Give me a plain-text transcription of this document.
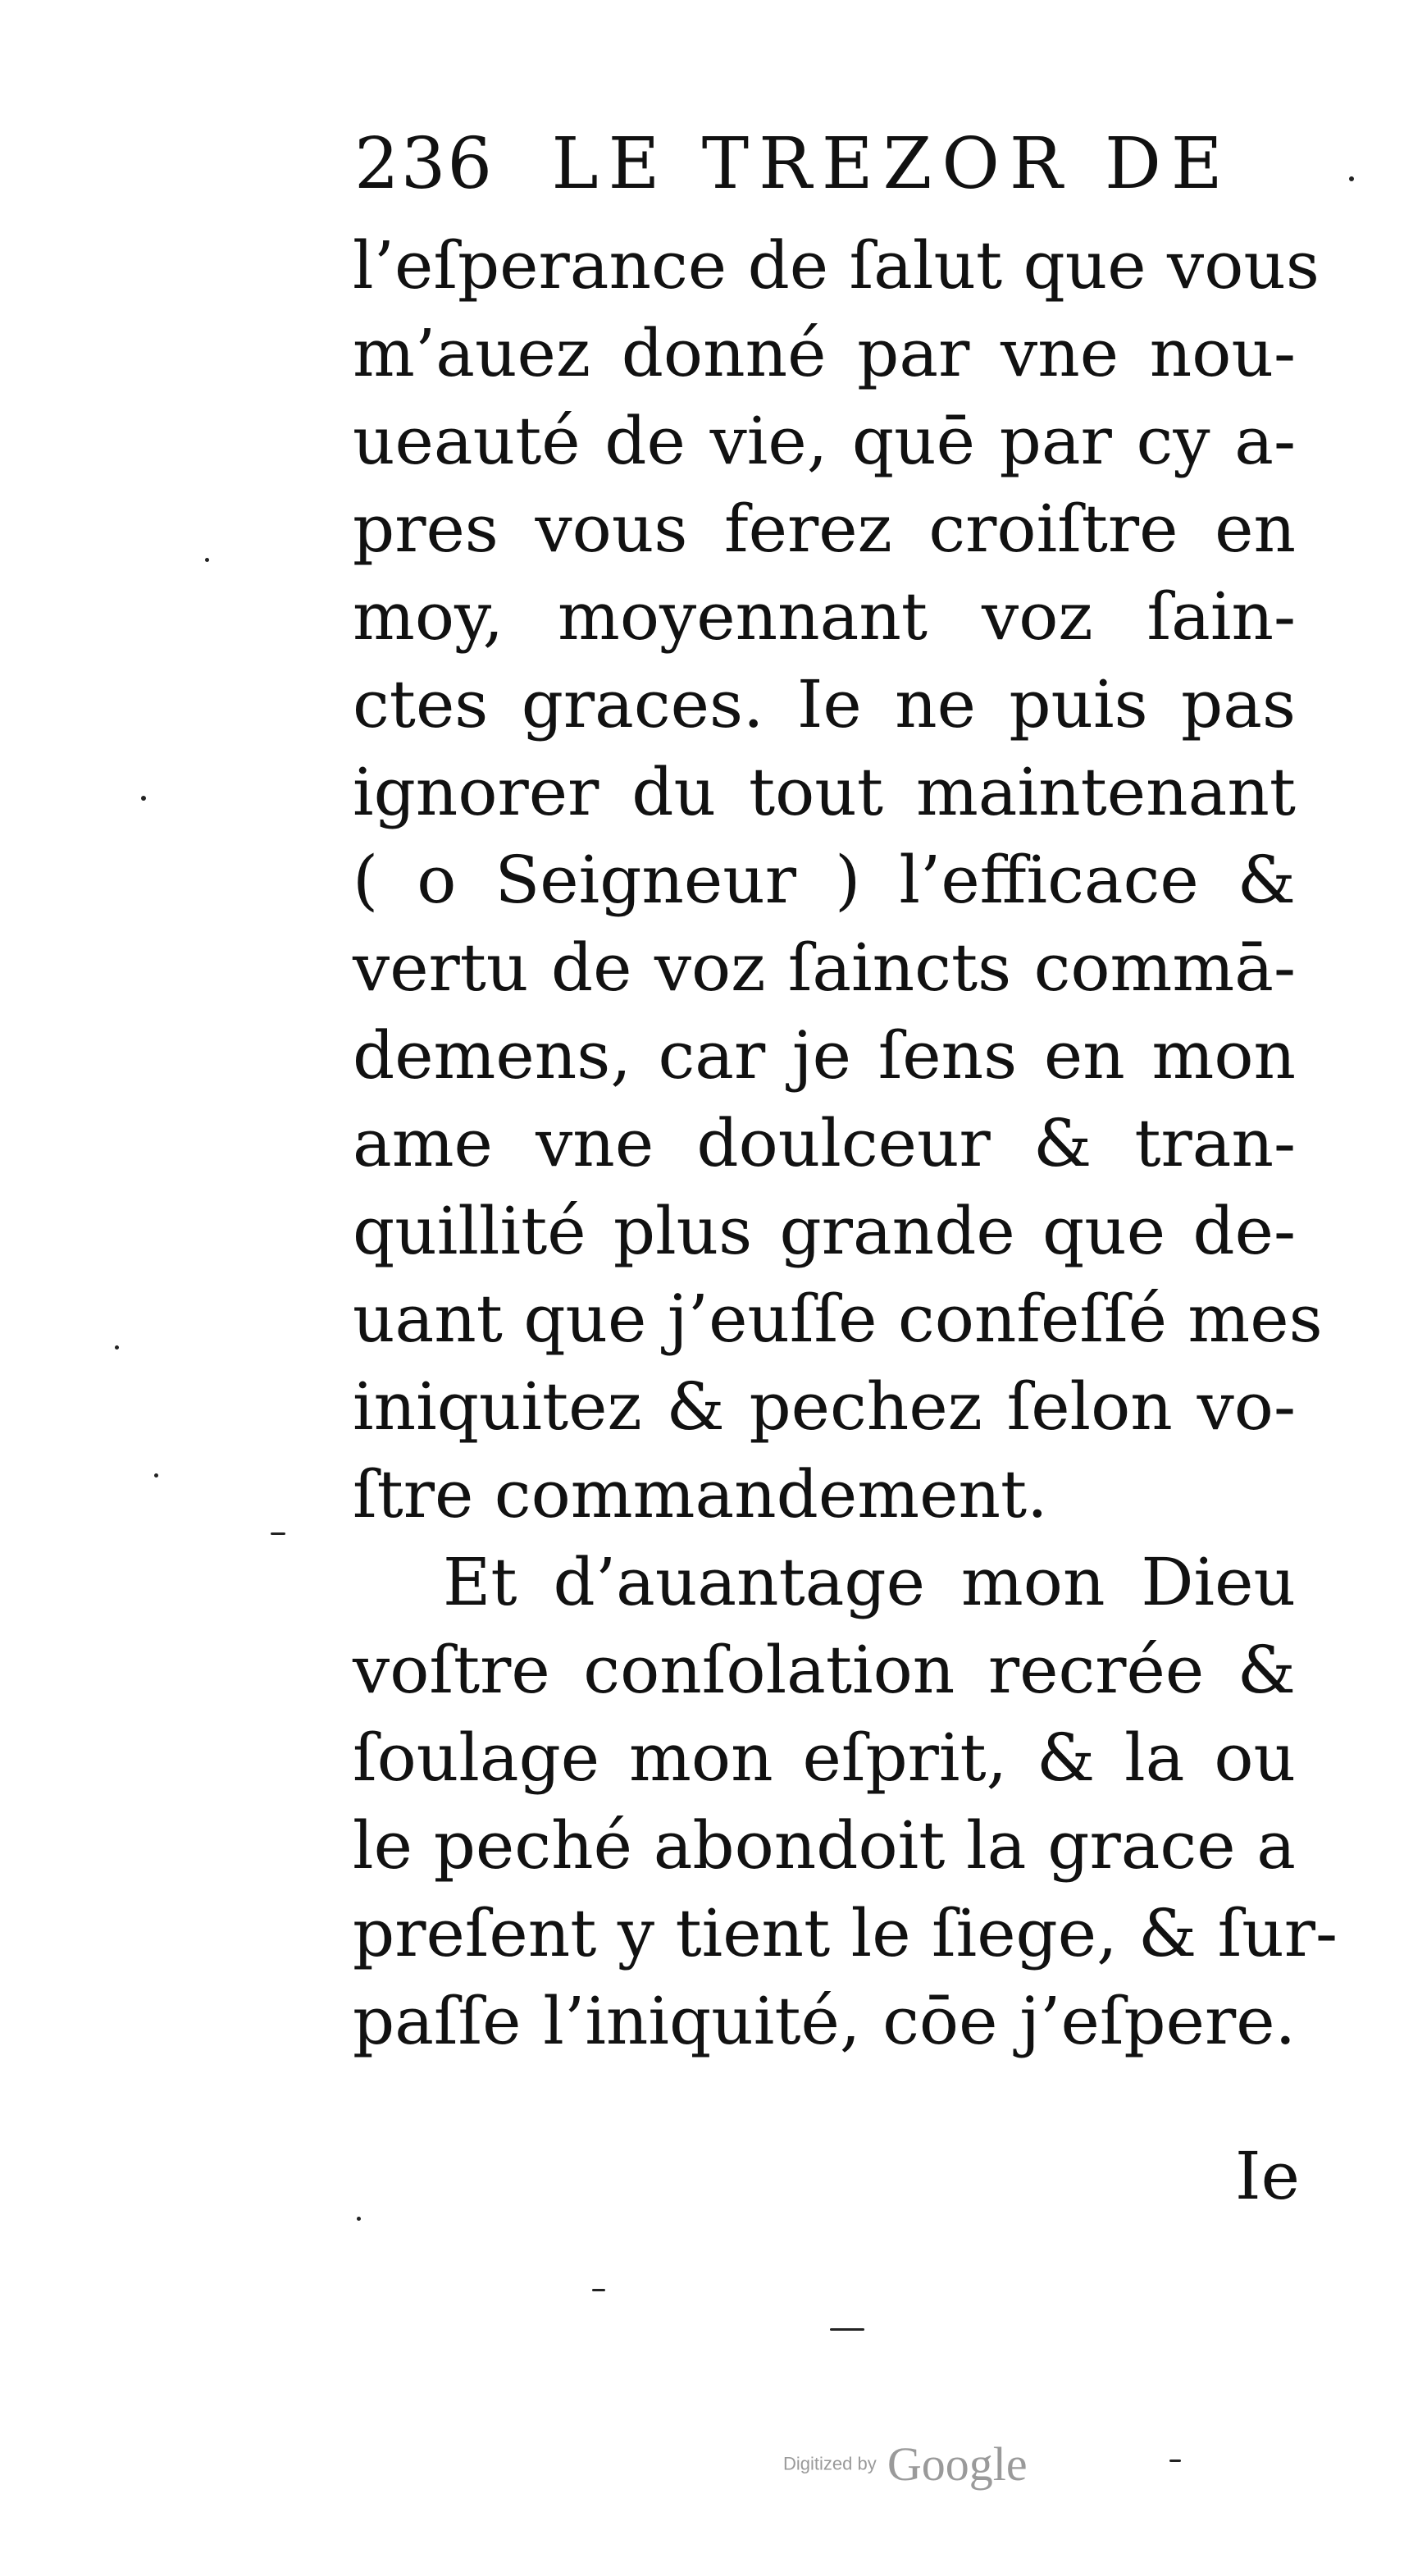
236 LE TREZOR DE
l’eſperance de ſalut que vous
m’auez donné par vne nou-
ueauté de vie, quē par cy a-
pres vous ferez croiſtre en
moy, moyennant voz ſain-
ctes graces. Ie ne puis pas
ignorer du tout maintenant
( o Seigneur ) l’efficace &
vertu de voz ſaincts commā-
demens, car je ſens en mon
ame vne doulceur & tran-
quillité plus grande que de-
uant que j’euſſe confeſſé mes
iniquitez & pechez ſelon vo-
ſtre commandement.
Et d’auantage mon Dieu
voſtre conſolation recrée &
ſoulage mon eſprit, & la ou
le peché abondoit la grace a
preſent y tient le ſiege, & ſur-
paſſe l’iniquité, cōe j’eſpere.
Ie
Digitized by Google
